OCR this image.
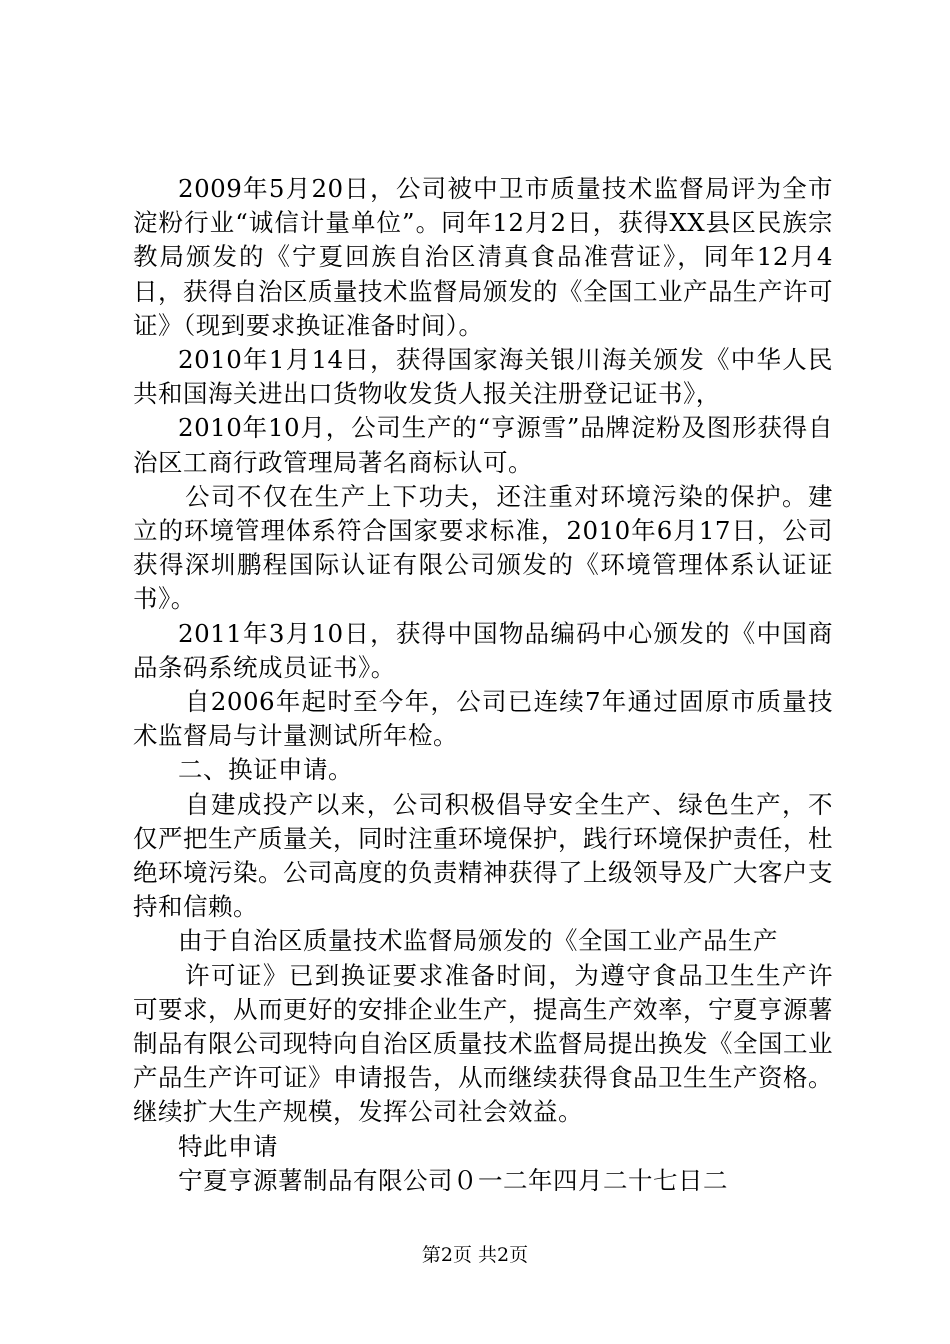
2009年5月20日，公司被中卫市质量技术监督局评为全市淀粉行业“诚信计量单位”。同年12月2日，获得XX县区民族宗教局颁发的《宁夏回族自治区清真食品准营证》，同年12月4日，获得自治区质量技术监督局颁发的《全国工业产品生产许可证》（现到要求换证准备时间）。

2010年1月14日，获得国家海关银川海关颁发《中华人民共和国海关进出口货物收发货人报关注册登记证书》，

2010年10月，公司生产的“亨源雪”品牌淀粉及图形获得自治区工商行政管理局著名商标认可。

公司不仅在生产上下功夫，还注重对环境污染的保护。建立的环境管理体系符合国家要求标准，2010年6月17日，公司获得深圳鹏程国际认证有限公司颁发的《环境管理体系认证证书》。

2011年3月10日，获得中国物品编码中心颁发的《中国商品条码系统成员证书》。

自2006年起时至今年，公司已连续7年通过固原市质量技术监督局与计量测试所年检。

二、换证申请。

自建成投产以来，公司积极倡导安全生产、绿色生产，不仅严把生产质量关，同时注重环境保护，践行环境保护责任，杜绝环境污染。公司高度的负责精神获得了上级领导及广大客户支持和信赖。

由于自治区质量技术监督局颁发的《全国工业产品生产

许可证》已到换证要求准备时间，为遵守食品卫生生产许可要求，从而更好的安排企业生产，提高生产效率，宁夏亨源薯制品有限公司现特向自治区质量技术监督局提出换发《全国工业产品生产许可证》申请报告，从而继续获得食品卫生生产资格。继续扩大生产规模，发挥公司社会效益。

特此申请

宁夏亨源薯制品有限公司０一二年四月二十七日二

第2页 共2页
